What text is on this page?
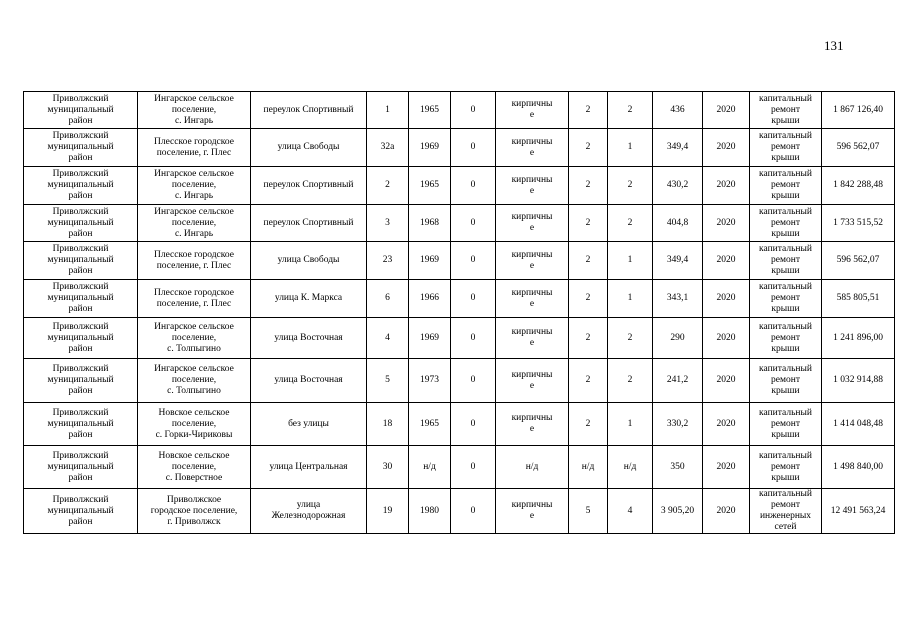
131
Приволжский
муниципальный
район	Ингарское сельское
поселение,
с. Ингарь	переулок Спортивный	1	1965	0	кирпичны
е	2	2	436	2020	капитальный
ремонт
крыши	1 867 126,40
Приволжский
муниципальный
район	Плесское городское
поселение, г. Плес	улица Свободы	32а	1969	0	кирпичны
е	2	1	349,4	2020	капитальный
ремонт
крыши	596 562,07
Приволжский
муниципальный
район	Ингарское сельское
поселение,
с. Ингарь	переулок Спортивный	2	1965	0	кирпичны
е	2	2	430,2	2020	капитальный
ремонт
крыши	1 842 288,48
Приволжский
муниципальный
район	Ингарское сельское
поселение,
с. Ингарь	переулок Спортивный	3	1968	0	кирпичны
е	2	2	404,8	2020	капитальный
ремонт
крыши	1 733 515,52
Приволжский
муниципальный
район	Плесское городское
поселение, г. Плес	улица Свободы	23	1969	0	кирпичны
е	2	1	349,4	2020	капитальный
ремонт
крыши	596 562,07
Приволжский
муниципальный
район	Плесское городское
поселение, г. Плес	улица К. Маркса	6	1966	0	кирпичны
е	2	1	343,1	2020	капитальный
ремонт
крыши	585 805,51
Приволжский
муниципальный
район	Ингарское сельское
поселение,
с. Толпыгино	улица Восточная	4	1969	0	кирпичны
е	2	2	290	2020	капитальный
ремонт
крыши	1 241 896,00
Приволжский
муниципальный
район	Ингарское сельское
поселение,
с. Толпыгино	улица Восточная	5	1973	0	кирпичны
е	2	2	241,2	2020	капитальный
ремонт
крыши	1 032 914,88
Приволжский
муниципальный
район	Новское сельское
поселение,
с. Горки-Чириковы	без улицы	18	1965	0	кирпичны
е	2	1	330,2	2020	капитальный
ремонт
крыши	1 414 048,48
Приволжский
муниципальный
район	Новское сельское
поселение,
с. Поверстное	улица Центральная	30	н/д	0	н/д	н/д	н/д	350	2020	капитальный
ремонт
крыши	1 498 840,00
Приволжский
муниципальный
район	Приволжское
городское поселение,
г. Приволжск	улица
Железнодорожная	19	1980	0	кирпичны
е	5	4	3 905,20	2020	капитальный
ремонт
инженерных
сетей	12 491 563,24
